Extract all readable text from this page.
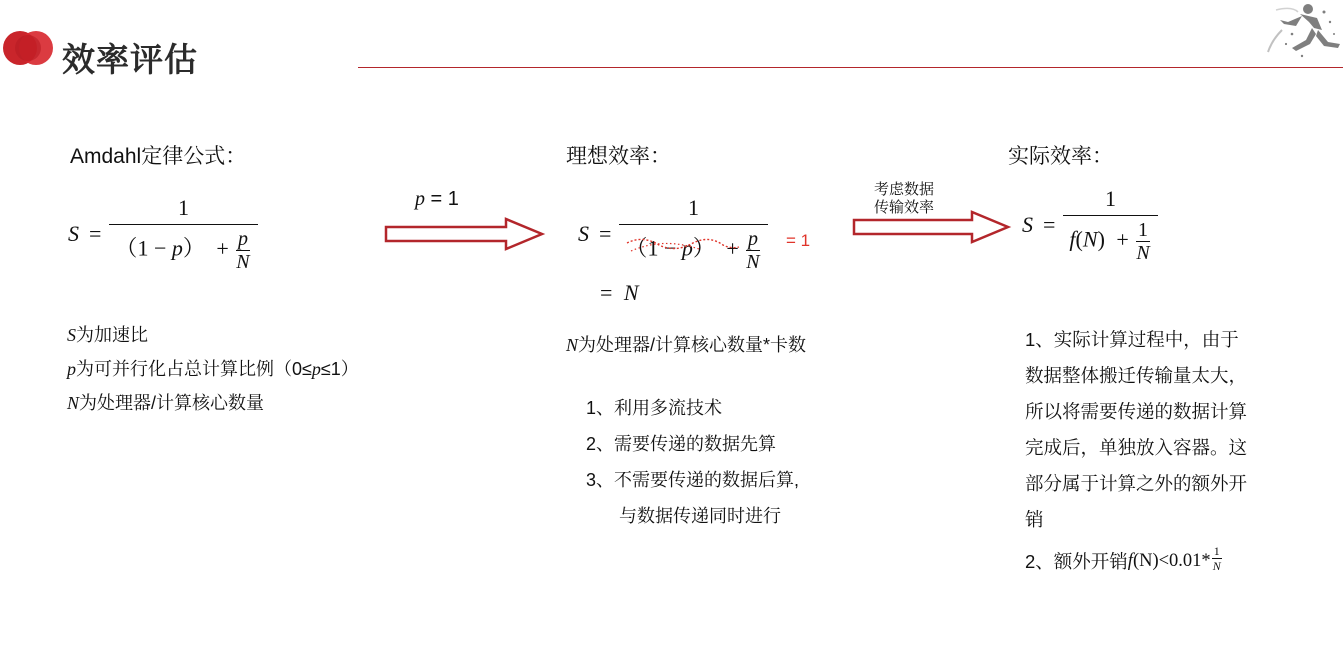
效率评估
Amdahl定律公式：
$S = \frac{1}{(1 - p) + \frac{p}{N}}$
S为加速比
p为可并行化占总计算比例（0≤p≤1）
N为处理器/计算核心数量
p = 1
理想效率：
$S = \frac{1}{(1 - p) + \frac{p}{N}} = 1$
= N
N为处理器/计算核心数量*卡数
1、利用多流技术
2、需要传递的数据先算
3、不需要传递的数据后算,
与数据传递同时进行
考虑数据
传输效率
实际效率：
$S = \frac{1}{f(N) + \frac{1}{N}}$
1、实际计算过程中，由于
数据整体搬迁传输量太大，
所以将需要传递的数据计算
完成后，单独放入容器。这
部分属于计算之外的额外开
销
2、额外开销 f (N) <0.01* 1
N
